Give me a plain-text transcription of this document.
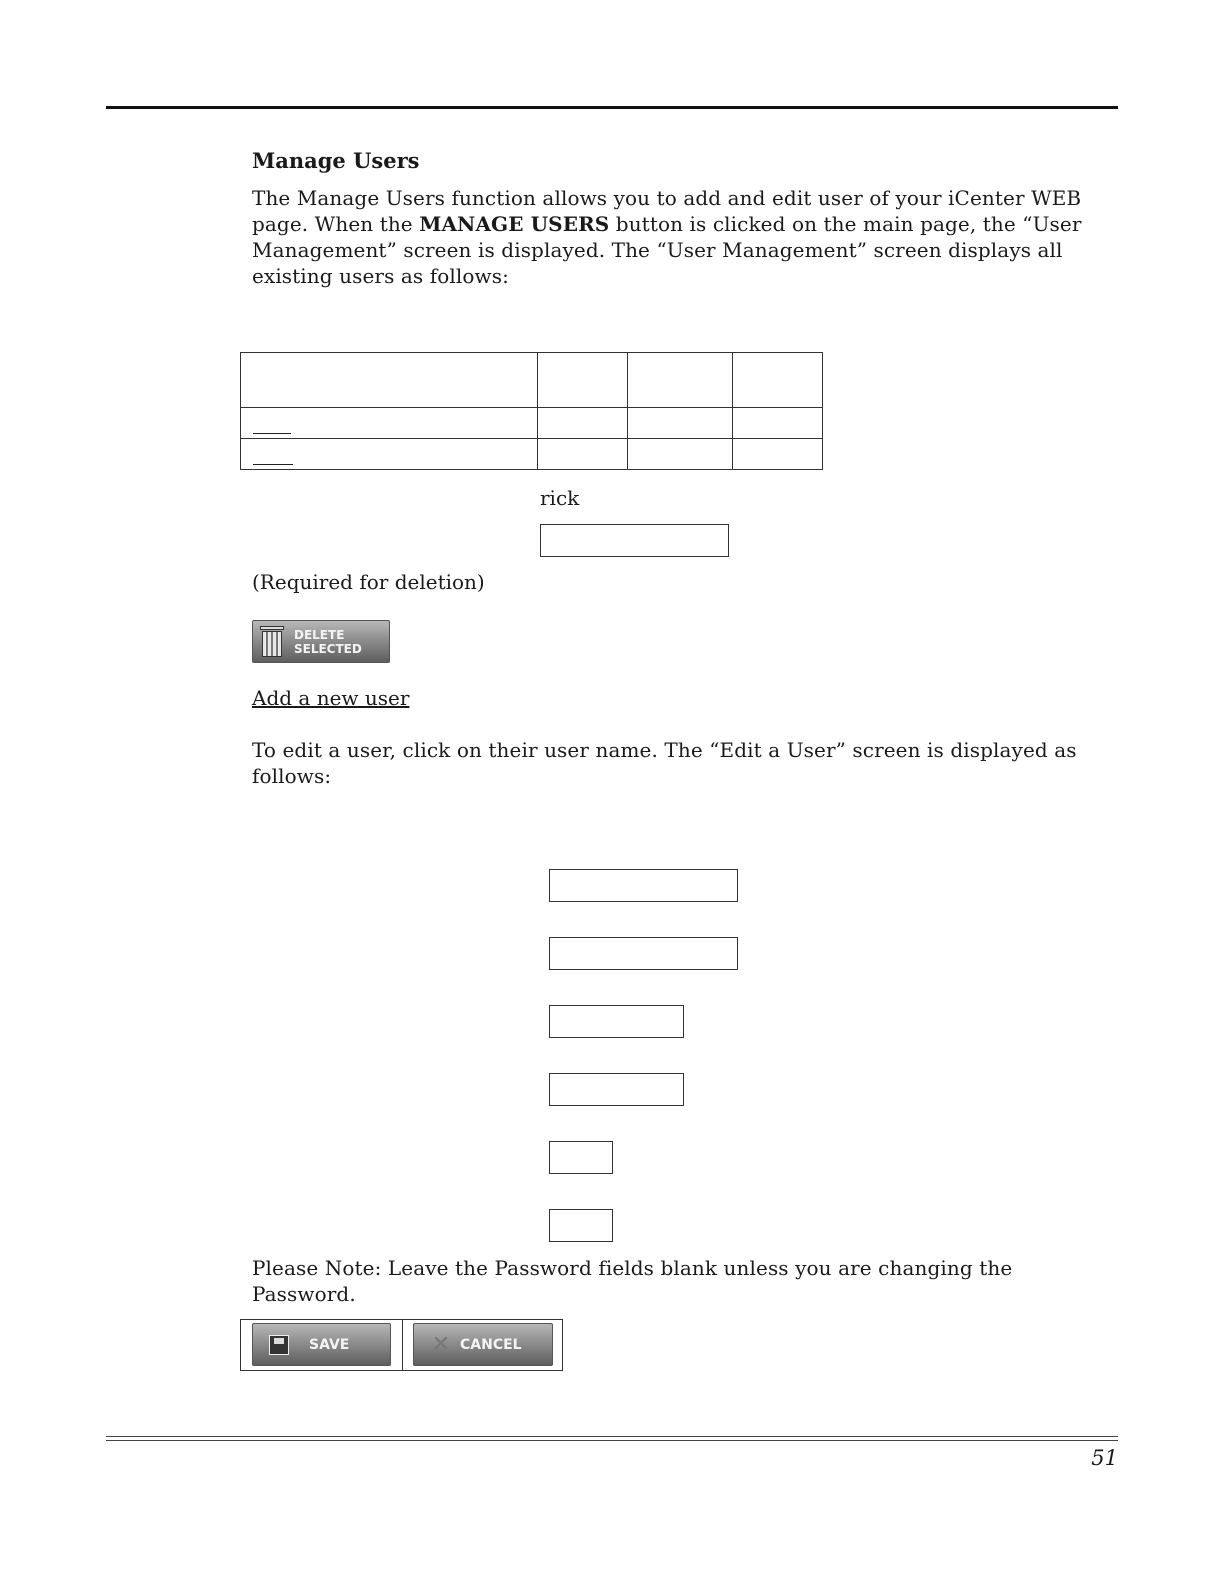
Manage Users
The Manage Users function allows you to add and edit user of your iCenter WEB
page. When the MANAGE USERS button is clicked on the main page, the “User
Management” screen is displayed. The “User Management” screen displays all
existing users as follows:

rick
(Required for deletion)
DELETE
SELECTED
Add a new user
To edit a user, click on their user name. The “Edit a User” screen is displayed as
follows:
Please Note: Leave the Password fields blank unless you are changing the
Password.
SAVE	✕ CANCEL
51
